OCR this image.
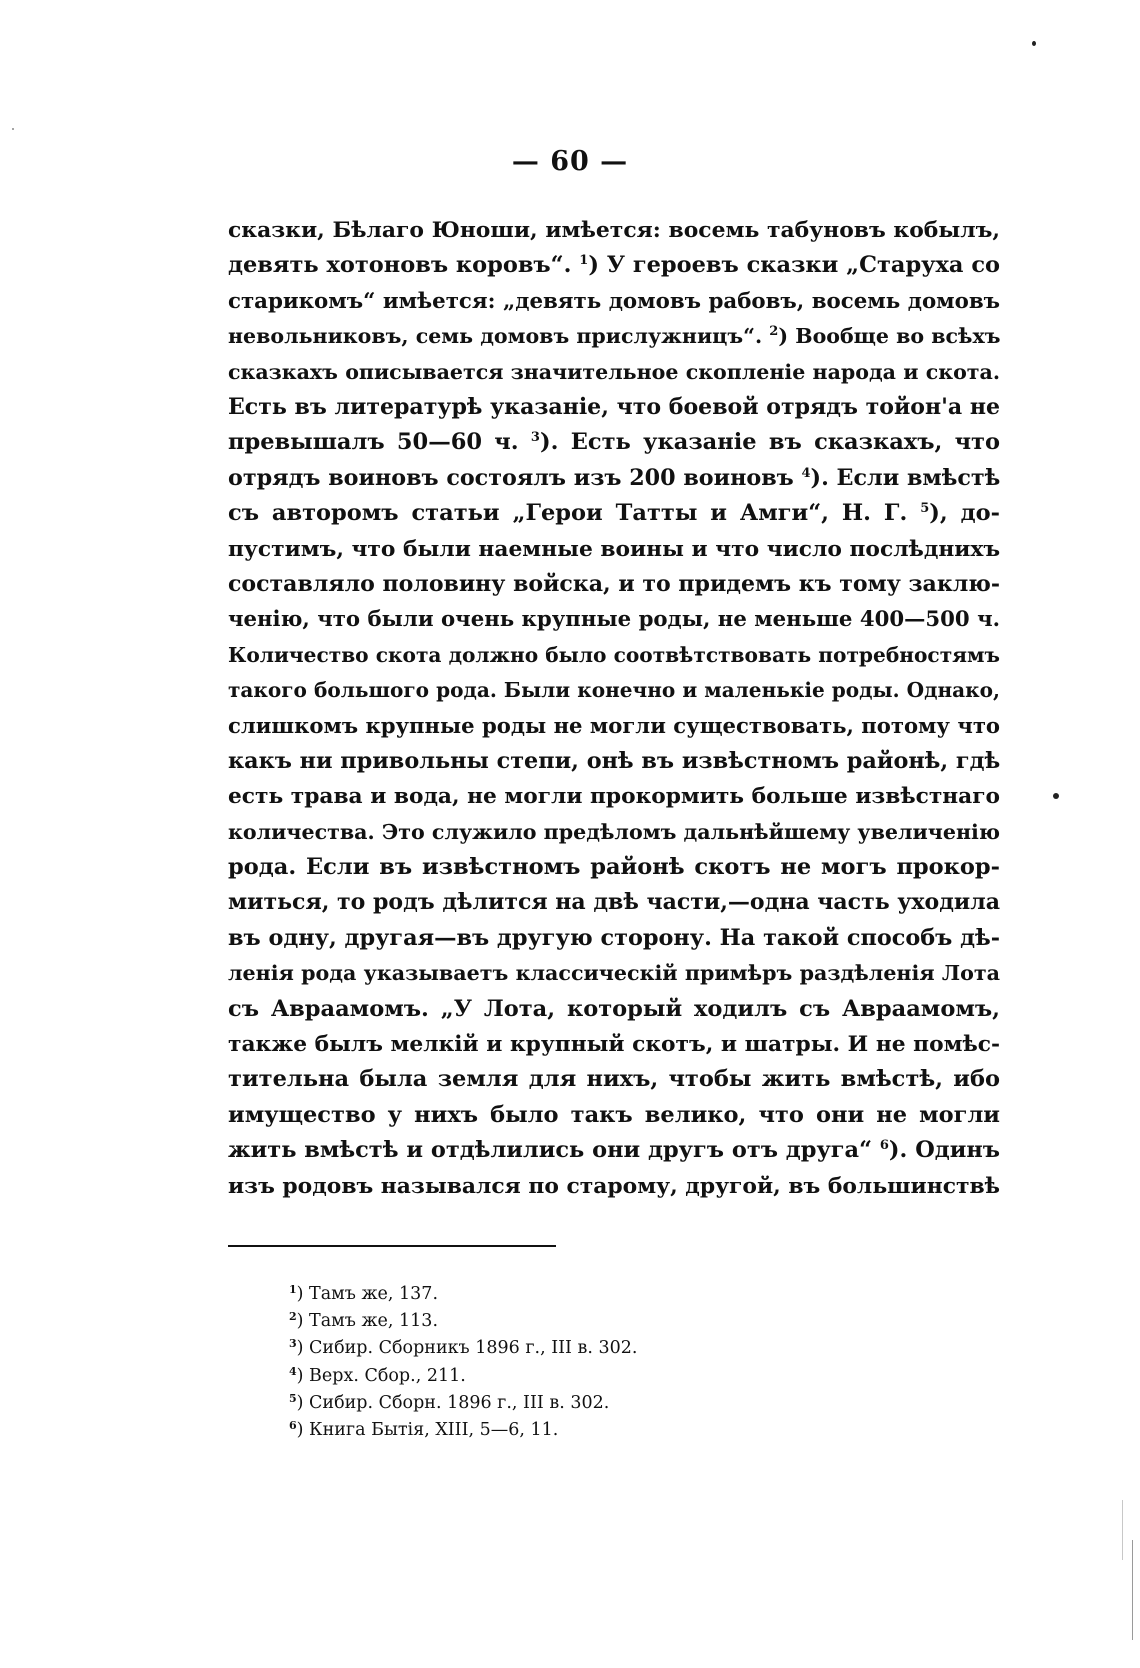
— 60 —
сказки, Бѣлаго Юноши, имѣется: восемь табуновъ кобылъ,
девять хотоновъ коровъ“. $^1$) У героевъ сказки „Старуха со
старикомъ“ имѣется: „девять домовъ рабовъ, восемь домовъ
невольниковъ, семь домовъ прислужницъ“. $^2$) Вообще во всѣхъ
сказкахъ описывается значительное скопленіе народа и скота.
Есть въ литературѣ указаніе, что боевой отрядъ тойон'а не
превышалъ 50—60 ч. $^3$). Есть указаніе въ сказкахъ, что
отрядъ воиновъ состоялъ изъ 200 воиновъ $^4$). Если вмѣстѣ
съ авторомъ статьи „Герои Татты и Амги“, Н. Г. $^5$), до-
пустимъ, что были наемные воины и что число послѣднихъ
составляло половину войска, и то придемъ къ тому заклю-
ченію, что были очень крупные роды, не меньше 400—500 ч.
Количество скота должно было соотвѣтствовать потребностямъ
такого большого рода. Были конечно и маленькіе роды. Однако,
слишкомъ крупные роды не могли существовать, потому что
какъ ни привольны степи, онѣ въ извѣстномъ районѣ, гдѣ
есть трава и вода, не могли прокормить больше извѣстнаго
количества. Это служило предѣломъ дальнѣйшему увеличенію
рода. Если въ извѣстномъ районѣ скотъ не могъ прокор-
миться, то родъ дѣлится на двѣ части,—одна часть уходила
въ одну, другая—въ другую сторону. На такой способъ дѣ-
ленія рода указываетъ классическій примѣръ раздѣленія Лота
съ Авраамомъ. „У Лота, который ходилъ съ Авраамомъ,
также былъ мелкій и крупный скотъ, и шатры. И не помѣс-
тительна была земля для нихъ, чтобы жить вмѣстѣ, ибо
имущество у нихъ было такъ велико, что они не могли
жить вмѣстѣ и отдѣлились они другъ отъ друга“ $^6$). Одинъ
изъ родовъ назывался по старому, другой, въ большинствѣ
$^1$) Тамъ же, 137.
$^2$) Тамъ же, 113.
$^3$) Сибир. Сборникъ 1896 г., III в. 302.
$^4$) Верх. Сбор., 211.
$^5$) Сибир. Сборн. 1896 г., III в. 302.
$^6$) Книга Бытія, XIII, 5—6, 11.
